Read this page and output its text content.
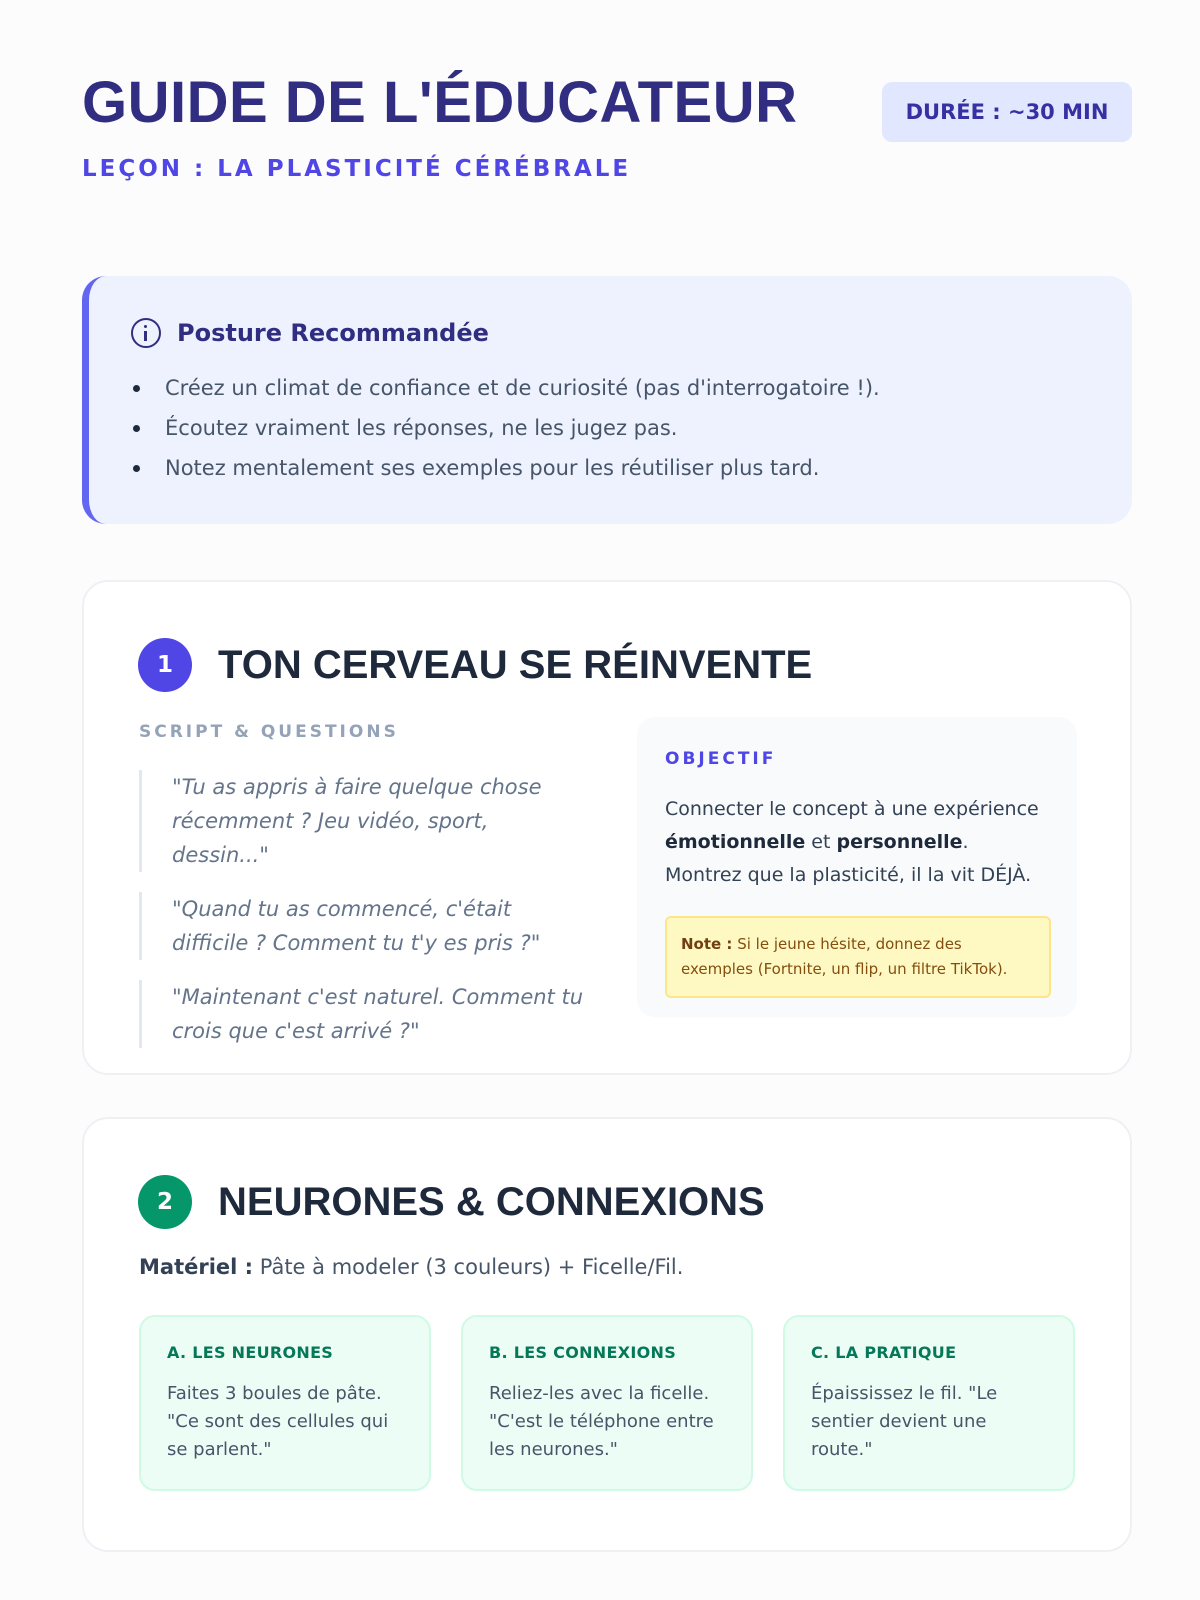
GUIDE DE L'ÉDUCATEUR
LEÇON : LA PLASTICITÉ CÉRÉBRALE
DURÉE : ~30 MIN
Posture Recommandée
Créez un climat de confiance et de curiosité (pas d'interrogatoire !).
Écoutez vraiment les réponses, ne les jugez pas.
Notez mentalement ses exemples pour les réutiliser plus tard.
1	TON CERVEAU SE RÉINVENTE
SCRIPT & QUESTIONS
"Tu as appris à faire quelque chose récemment ? Jeu vidéo, sport, dessin..."
"Quand tu as commencé, c'était difficile ? Comment tu t'y es pris ?"
"Maintenant c'est naturel. Comment tu crois que c'est arrivé ?"
OBJECTIF

Connecter le concept à une expérience émotionnelle et personnelle. Montrez que la plasticité, il la vit DÉJÀ.

Note : Si le jeune hésite, donnez des exemples (Fortnite, un flip, un filtre TikTok).
2	NEURONES & CONNEXIONS

Matériel : Pâte à modeler (3 couleurs) + Ficelle/Fil.

A. LES NEURONES
Faites 3 boules de pâte. "Ce sont des cellules qui se parlent."
B. LES CONNEXIONS
Reliez-les avec la ficelle. "C'est le téléphone entre les neurones."
C. LA PRATIQUE
Épaississez le fil. "Le sentier devient une route."
